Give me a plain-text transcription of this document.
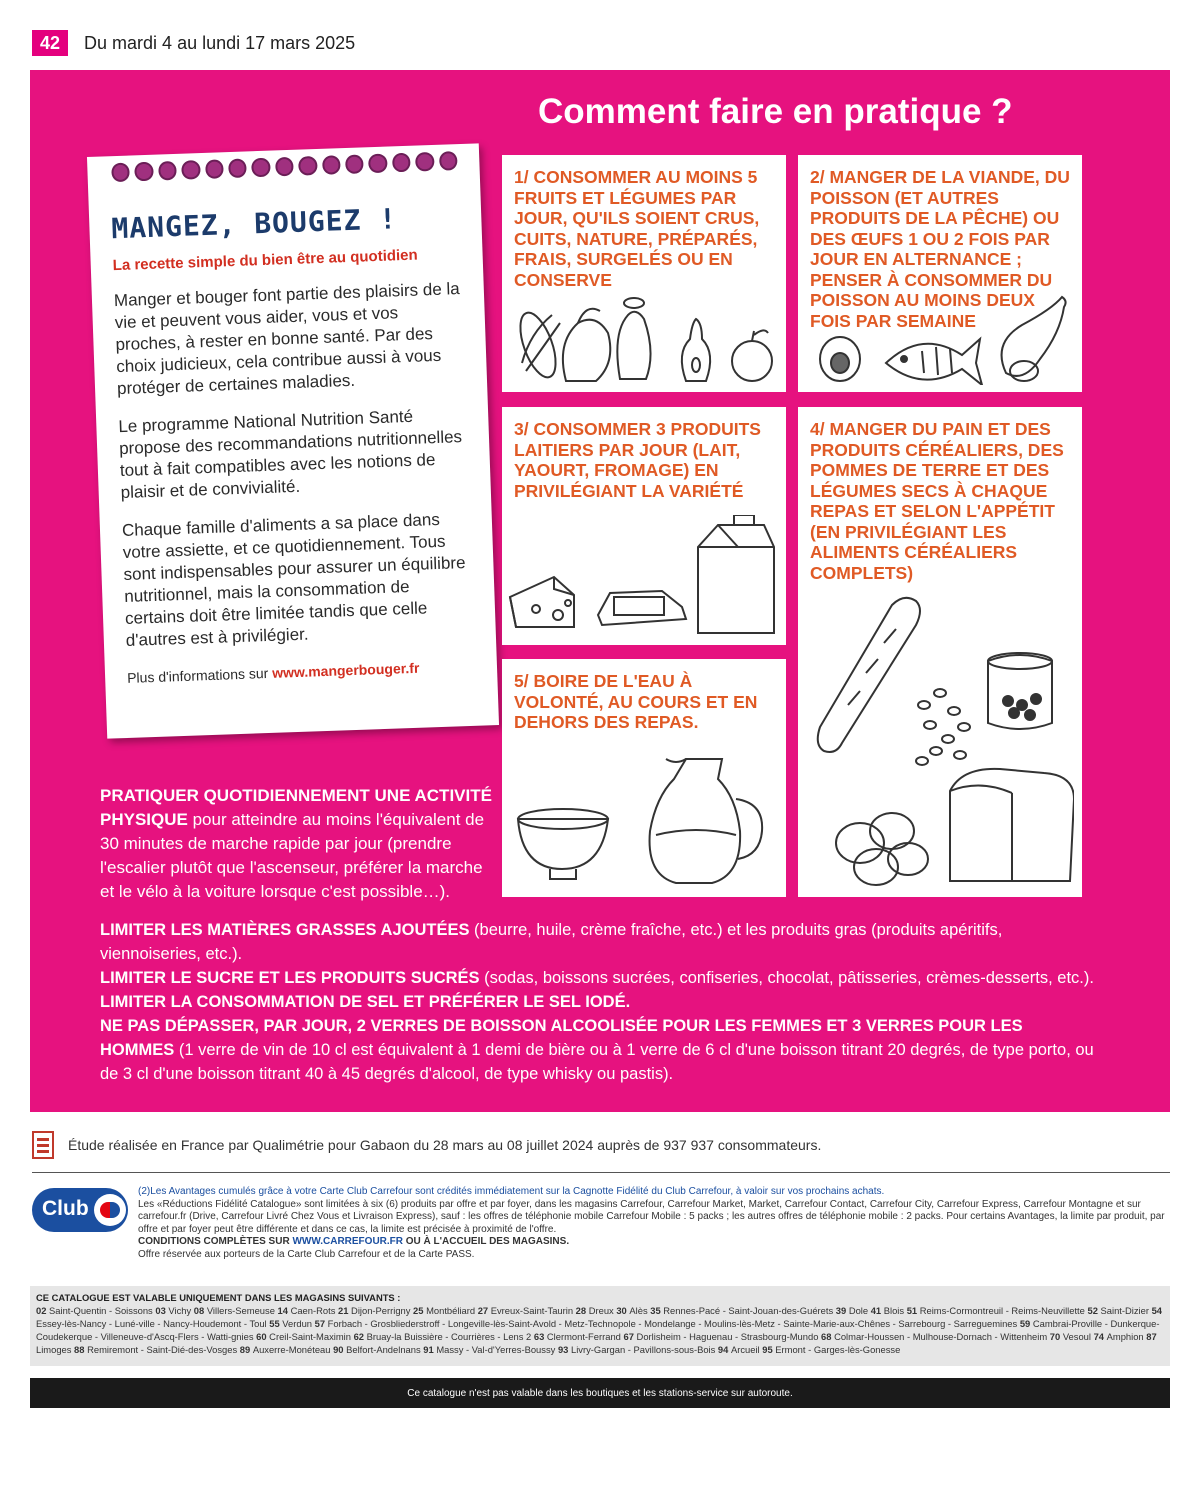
42	Du mardi 4 au lundi 17 mars 2025
Comment faire en pratique ?
MANGEZ, BOUGEZ !
La recette simple du bien être au quotidien

Manger et bouger font partie des plaisirs de la vie et peuvent vous aider, vous et vos proches, à rester en bonne santé. Par des choix judicieux, cela contribue aussi à vous protéger de certaines maladies.

Le programme National Nutrition Santé propose des recommandations nutritionnelles tout à fait compatibles avec les notions de plaisir et de convivialité.

Chaque famille d'aliments a sa place dans votre assiette, et ce quotidiennement. Tous sont indispensables pour assurer un équilibre nutritionnel, mais la consommation de certains doit être limitée tandis que celle d'autres est à privilégier.

Plus d'informations sur www.mangerbouger.fr

1/ CONSOMMER AU MOINS 5 FRUITS ET LÉGUMES PAR JOUR, QU'ILS SOIENT CRUS, CUITS, NATURE, PRÉPARÉS, FRAIS, SURGELÉS OU EN CONSERVE
2/ MANGER DE LA VIANDE, DU POISSON (ET AUTRES PRODUITS DE LA PÊCHE) OU DES ŒUFS 1 OU 2 FOIS PAR JOUR EN ALTERNANCE ; PENSER À CONSOMMER DU POISSON AU MOINS DEUX FOIS PAR SEMAINE
3/ CONSOMMER 3 PRODUITS LAITIERS PAR JOUR (LAIT, YAOURT, FROMAGE) EN PRIVILÉGIANT LA VARIÉTÉ
4/ MANGER DU PAIN ET DES PRODUITS CÉRÉALIERS, DES POMMES DE TERRE ET DES LÉGUMES SECS À CHAQUE REPAS ET SELON L'APPÉTIT (EN PRIVILÉGIANT LES ALIMENTS CÉRÉALIERS COMPLETS)
5/ BOIRE DE L'EAU À VOLONTÉ, AU COURS ET EN DEHORS DES REPAS.

PRATIQUER QUOTIDIENNEMENT UNE ACTIVITÉ PHYSIQUE pour atteindre au moins l'équivalent de 30 minutes de marche rapide par jour (prendre l'escalier plutôt que l'ascenseur, préférer la marche et le vélo à la voiture lorsque c'est possible…).

LIMITER LES MATIÈRES GRASSES AJOUTÉES (beurre, huile, crème fraîche, etc.) et les produits gras (produits apéritifs, viennoiseries, etc.).

LIMITER LE SUCRE ET LES PRODUITS SUCRÉS (sodas, boissons sucrées, confiseries, chocolat, pâtisseries, crèmes-desserts, etc.).

LIMITER LA CONSOMMATION DE SEL ET PRÉFÉRER LE SEL IODÉ.

NE PAS DÉPASSER, PAR JOUR, 2 VERRES DE BOISSON ALCOOLISÉE POUR LES FEMMES ET 3 VERRES POUR LES HOMMES (1 verre de vin de 10 cl est équivalent à 1 demi de bière ou à 1 verre de 6 cl d'une boisson titrant 20 degrés, de type porto, ou de 3 cl d'une boisson titrant 40 à 45 degrés d'alcool, de type whisky ou pastis).

Étude réalisée en France par Qualimétrie pour Gabaon du 28 mars au 08 juillet 2024 auprès de 937 937 consommateurs.
Club

(2)Les Avantages cumulés grâce à votre Carte Club Carrefour sont crédités immédiatement sur la Cagnotte Fidélité du Club Carrefour, à valoir sur vos prochains achats.

Les «Réductions Fidélité Catalogue» sont limitées à six (6) produits par offre et par foyer, dans les magasins Carrefour, Carrefour Market, Market, Carrefour Contact, Carrefour City, Carrefour Express, Carrefour Montagne et sur carrefour.fr (Drive, Carrefour Livré Chez Vous et Livraison Express), sauf : les offres de téléphonie mobile Carrefour Mobile : 5 packs ; les autres offres de téléphonie mobile : 2 packs. Pour certains Avantages, la limite par produit, par offre et par foyer peut être différente et dans ce cas, la limite est précisée à proximité de l'offre.

CONDITIONS COMPLÈTES SUR WWW.CARREFOUR.FR OU À L'ACCUEIL DES MAGASINS.

Offre réservée aux porteurs de la Carte Club Carrefour et de la Carte PASS.

CE CATALOGUE EST VALABLE UNIQUEMENT DANS LES MAGASINS SUIVANTS :
02 Saint-Quentin - Soissons 03 Vichy 08 Villers-Semeuse 14 Caen-Rots 21 Dijon-Perrigny 25 Montbéliard 27 Evreux-Saint-Taurin 28 Dreux 30 Alès 35 Rennes-Pacé - Saint-Jouan-des-Guérets 39 Dole 41 Blois 51 Reims-Cormontreuil - Reims-Neuvillette 52 Saint-Dizier 54 Essey-lès-Nancy - Luné-ville - Nancy-Houdemont - Toul 55 Verdun 57 Forbach - Grosbliederstroff - Longeville-lès-Saint-Avold - Metz-Technopole - Mondelange - Moulins-lès-Metz - Sainte-Marie-aux-Chênes - Sarrebourg - Sarreguemines 59 Cambrai-Proville - Dunkerque-Coudekerque - Villeneuve-d'Ascq-Flers - Watti-gnies 60 Creil-Saint-Maximin 62 Bruay-la Buissière - Courrières - Lens 2 63 Clermont-Ferrand 67 Dorlisheim - Haguenau - Strasbourg-Mundo 68 Colmar-Houssen - Mulhouse-Dornach - Wittenheim 70 Vesoul 74 Amphion 87 Limoges 88 Remiremont - Saint-Dié-des-Vosges 89 Auxerre-Monéteau 90 Belfort-Andelnans 91 Massy - Val-d'Yerres-Boussy 93 Livry-Gargan - Pavillons-sous-Bois 94 Arcueil 95 Ermont - Garges-lès-Gonesse
Ce catalogue n'est pas valable dans les boutiques et les stations-service sur autoroute.
